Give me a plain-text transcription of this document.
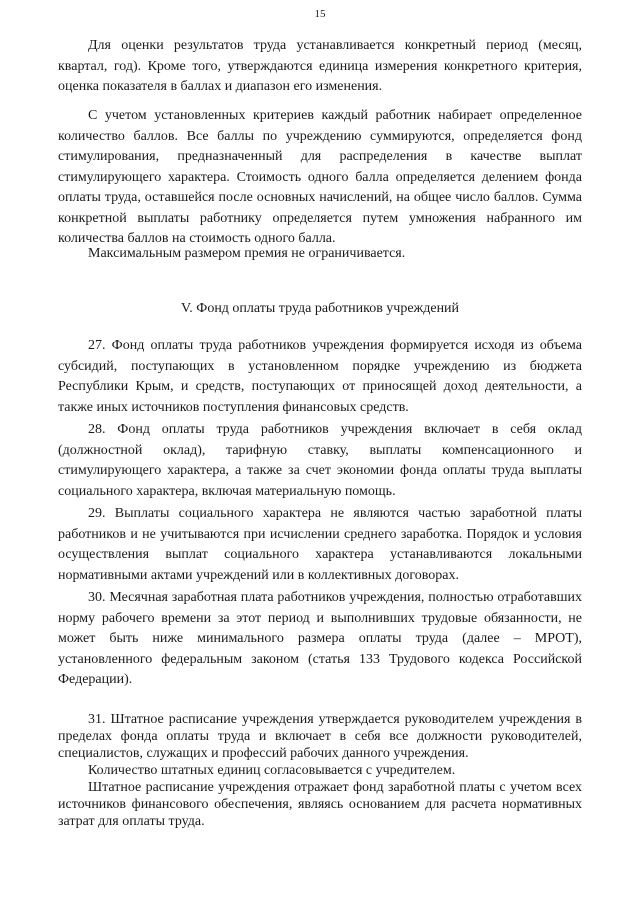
15

Для оценки результатов труда устанавливается конкретный период (месяц, квартал, год). Кроме того, утверждаются единица измерения конкретного критерия, оценка показателя в баллах и диапазон его изменения.

С учетом установленных критериев каждый работник набирает определенное количество баллов. Все баллы по учреждению суммируются, определяется фонд стимулирования, предназначенный для распределения в качестве выплат стимулирующего характера. Стоимость одного балла определяется делением фонда оплаты труда, оставшейся после основных начислений, на общее число баллов. Сумма конкретной выплаты работнику определяется путем умножения набранного им количества баллов на стоимость одного балла.

Максимальным размером премия не ограничивается.

V. Фонд оплаты труда работников учреждений

27. Фонд оплаты труда работников учреждения формируется исходя из объема субсидий, поступающих в установленном порядке учреждению из бюджета Республики Крым, и средств, поступающих от приносящей доход деятельности, а также иных источников поступления финансовых средств.

28. Фонд оплаты труда работников учреждения включает в себя оклад (должностной оклад), тарифную ставку, выплаты компенсационного и стимулирующего характера, а также за счет экономии фонда оплаты труда выплаты социального характера, включая материальную помощь.

29. Выплаты социального характера не являются частью заработной платы работников и не учитываются при исчислении среднего заработка. Порядок и условия осуществления выплат социального характера устанавливаются локальными нормативными актами учреждений или в коллективных договорах.

30. Месячная заработная плата работников учреждения, полностью отработавших норму рабочего времени за этот период и выполнивших трудовые обязанности, не может быть ниже минимального размера оплаты труда (далее – МРОТ), установленного федеральным законом (статья 133 Трудового кодекса Российской Федерации).

31. Штатное расписание учреждения утверждается руководителем учреждения в пределах фонда оплаты труда и включает в себя все должности руководителей, специалистов, служащих и профессий рабочих данного учреждения.

Количество штатных единиц согласовывается с учредителем.

Штатное расписание учреждения отражает фонд заработной платы с учетом всех источников финансового обеспечения, являясь основанием для расчета нормативных затрат для оплаты труда.
